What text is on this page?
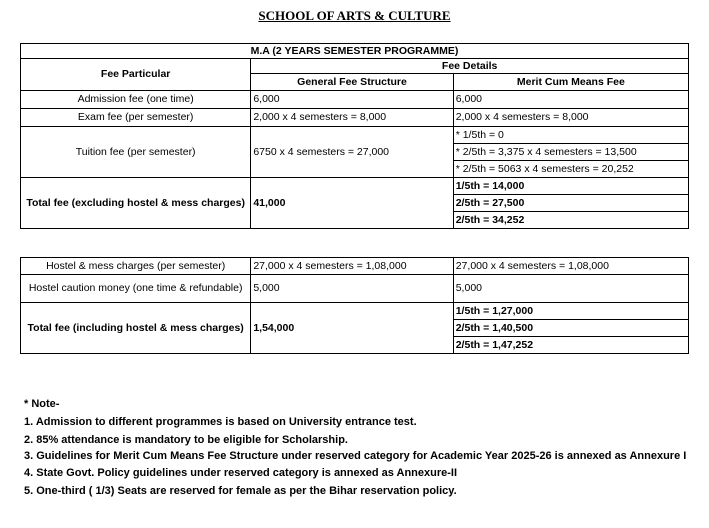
SCHOOL OF ARTS & CULTURE
M.A (2 YEARS SEMESTER PROGRAMME)		
Fee Particular	Fee Details	
	General Fee Structure	Merit Cum Means Fee
Admission fee (one time)	6,000	6,000
Exam fee (per semester)	2,000 x 4 semesters = 8,000	2,000 x 4 semesters = 8,000
Tuition fee (per semester)	6750 x 4 semesters = 27,000	* 1/5th = 0
		* 2/5th = 3,375 x 4 semesters = 13,500
		* 2/5th = 5063 x 4 semesters = 20,252
Total fee (excluding hostel & mess charges)	41,000	1/5th = 14,000
		2/5th = 27,500
		2/5th = 34,252
Hostel & mess charges (per semester)	27,000 x 4 semesters = 1,08,000	27,000 x 4 semesters = 1,08,000
Hostel caution money (one time & refundable)	5,000	5,000
Total fee (including hostel & mess charges)	1,54,000	1/5th = 1,27,000
		2/5th = 1,40,500
		2/5th = 1,47,252
* Note-
1. Admission to different programmes is based on University entrance test.
2. 85% attendance is mandatory to be eligible for Scholarship.
3. Guidelines for Merit Cum Means Fee Structure under reserved category for Academic Year 2025-26 is annexed as Annexure I
4. State Govt. Policy guidelines under reserved category is annexed as Annexure-II
5. One-third ( 1/3) Seats are reserved for female as per the Bihar reservation policy.
